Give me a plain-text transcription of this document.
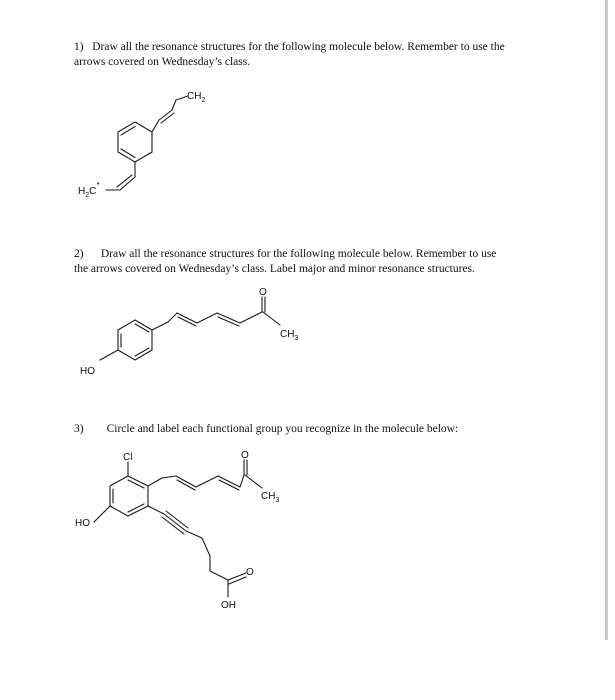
1) Draw all the resonance structures for the following molecule below. Remember to use the
arrows covered on Wednesday’s class.
2) Draw all the resonance structures for the following molecule below. Remember to use
the arrows covered on Wednesday’s class. Label major and minor resonance structures.
3) Circle and label each functional group you recognize in the molecule below:
$CH_2$
$H_2C$
•
O
$CH_3$
HO
Cl	O
$CH_3$
HO
O
OH
